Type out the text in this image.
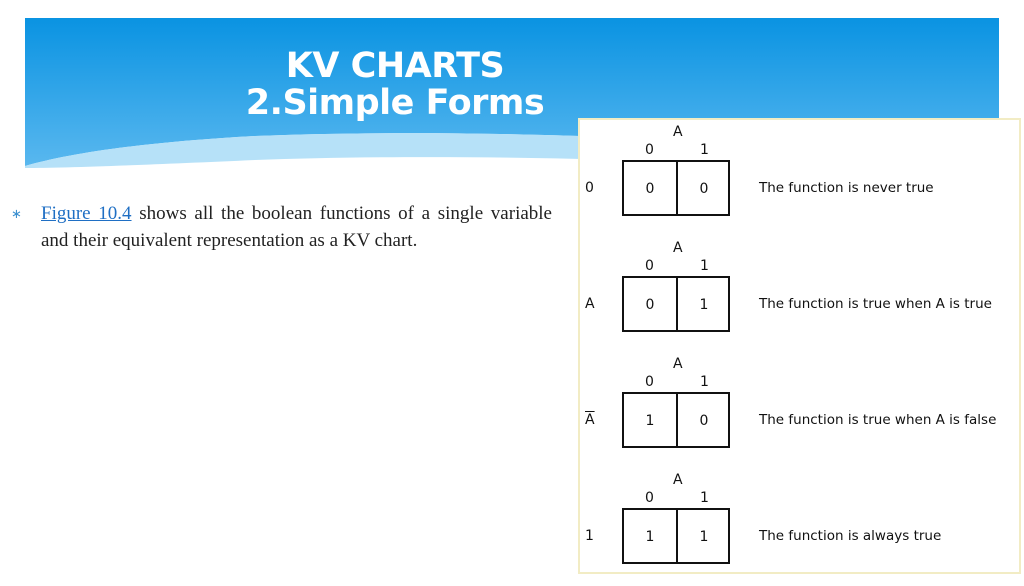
KV CHARTS
2.Simple Forms
∗	Figure 10.4 shows all the boolean functions of a single variable and their equivalent representation as a KV chart.
A
0	1
0	0	0	The function is never true
A
0	1
A	0	1	The function is true when A is true
A
0	1
$\overline{A}$	1	0	The function is true when A is false
A
0	1
1	1	1	The function is always true
